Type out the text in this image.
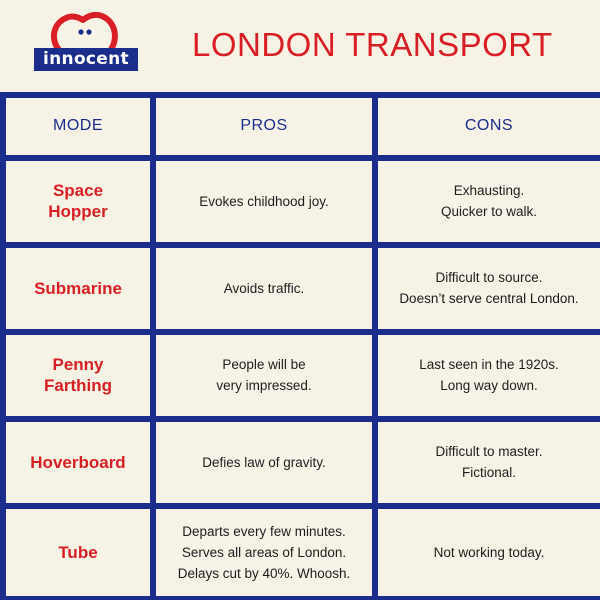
innocent LONDON TRANSPORT
MODE	PROS	CONS

Space
Hopper	Evokes childhood joy.	Exhausting.
Quicker to walk.

Submarine	Avoids traffic.	Difficult to source.
Doesn’t serve central London.

Penny
Farthing	People will be
very impressed.	Last seen in the 1920s.
Long way down.

Hoverboard	Defies law of gravity.	Difficult to master.
Fictional.

Tube	Departs every few minutes.
Serves all areas of London.
Delays cut by 40%. Whoosh.	Not working today.
